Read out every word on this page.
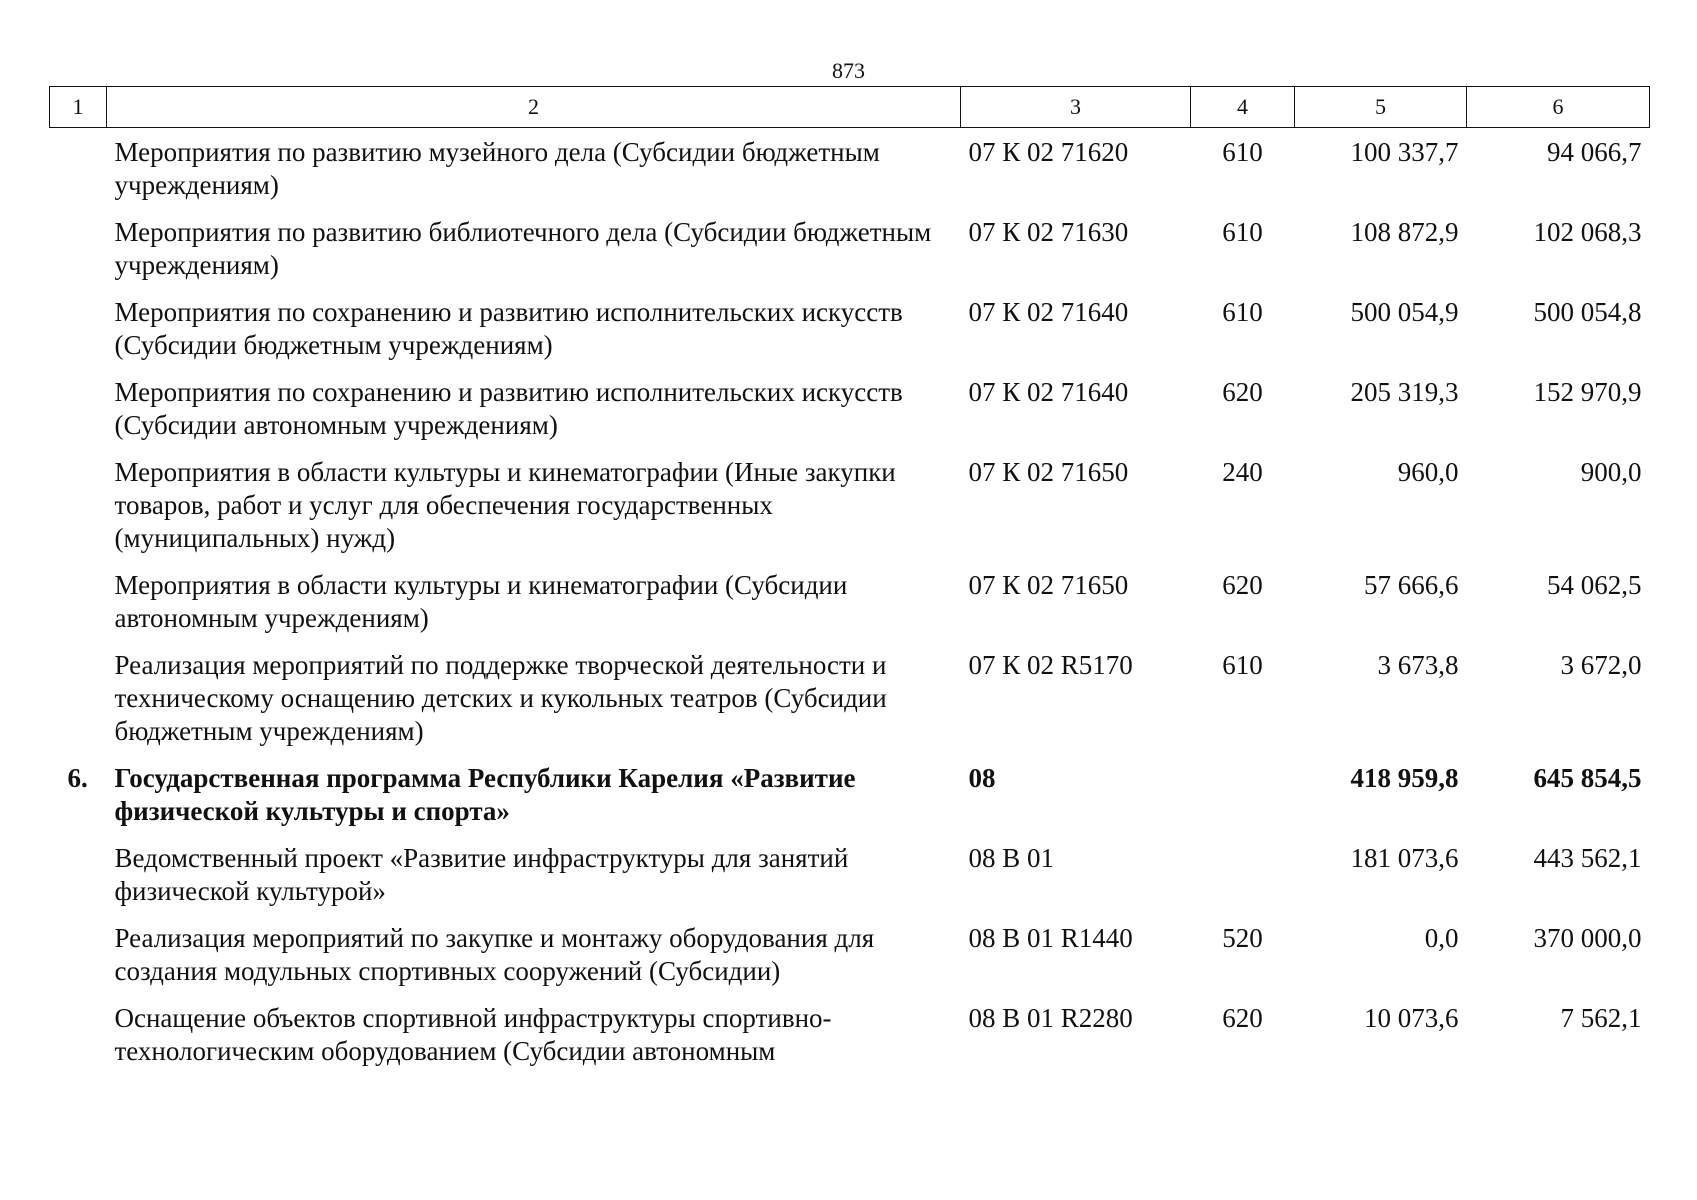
873
1	2	3	4	5	6
	Мероприятия по развитию музейного дела (Субсидии бюджетным учреждениям)	07 К 02 71620	610	100 337,7	94 066,7
	Мероприятия по развитию библиотечного дела (Субсидии бюджетным учреждениям)	07 К 02 71630	610	108 872,9	102 068,3
	Мероприятия по сохранению и развитию исполнительских искусств (Субсидии бюджетным учреждениям)	07 К 02 71640	610	500 054,9	500 054,8
	Мероприятия по сохранению и развитию исполнительских искусств (Субсидии автономным учреждениям)	07 К 02 71640	620	205 319,3	152 970,9
	Мероприятия в области культуры и кинематографии (Иные закупки товаров, работ и услуг для обеспечения государственных (муниципальных) нужд)	07 К 02 71650	240	960,0	900,0
	Мероприятия в области культуры и кинематографии (Субсидии автономным учреждениям)	07 К 02 71650	620	57 666,6	54 062,5
	Реализация мероприятий по поддержке творческой деятельности и техническому оснащению детских и кукольных театров (Субсидии бюджетным учреждениям)	07 К 02 R5170	610	3 673,8	3 672,0
6.	Государственная программа Республики Карелия «Развитие физической культуры и спорта»	08		418 959,8	645 854,5
	Ведомственный проект «Развитие инфраструктуры для занятий физической культурой»	08 В 01		181 073,6	443 562,1
	Реализация мероприятий по закупке и монтажу оборудования для создания модульных спортивных сооружений (Субсидии)	08 В 01 R1440	520	0,0	370 000,0
	Оснащение объектов спортивной инфраструктуры спортивно-технологическим оборудованием (Субсидии автономным	08 В 01 R2280	620	10 073,6	7 562,1
